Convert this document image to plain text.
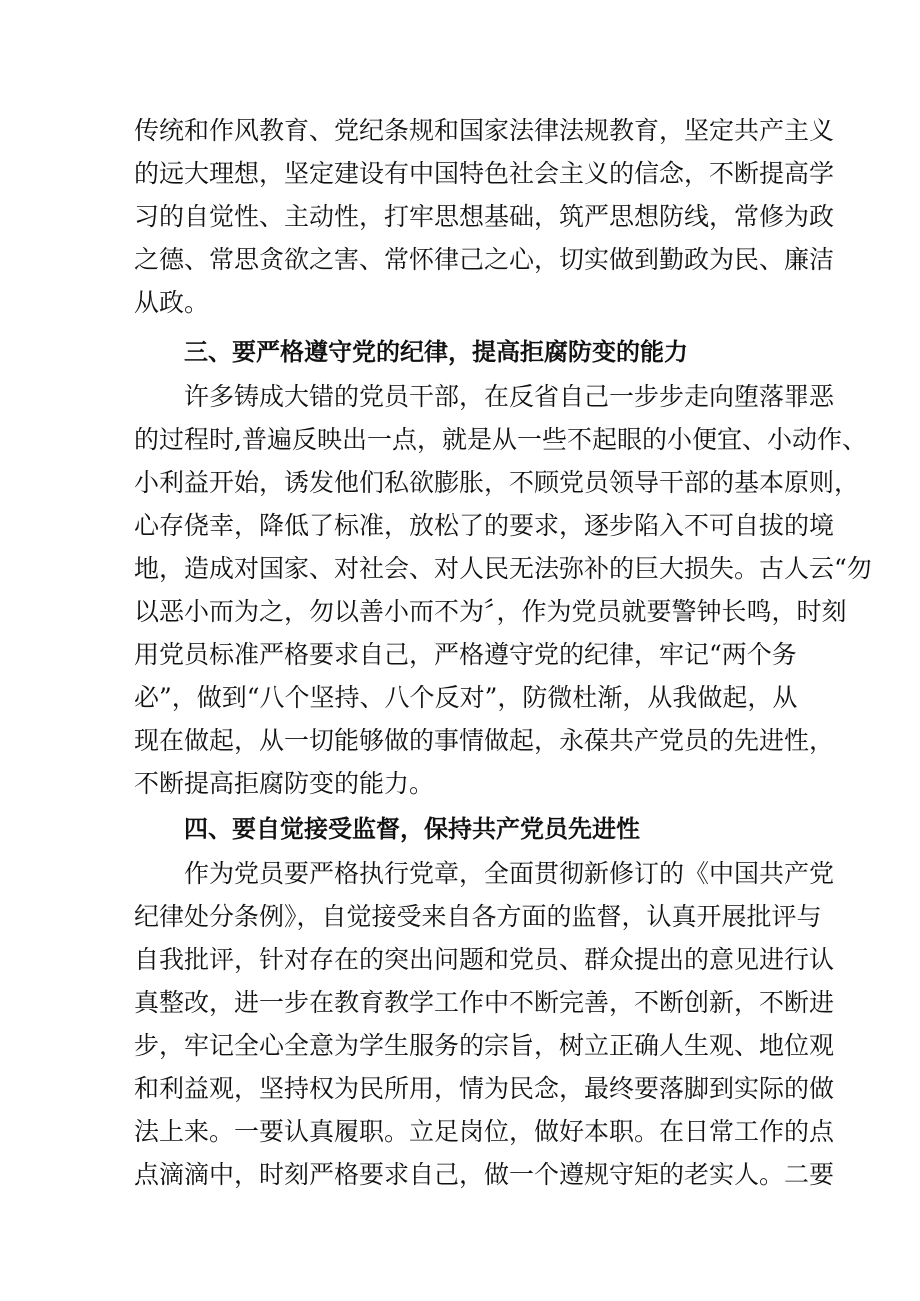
传统和作风教育、党纪条规和国家法律法规教育，坚定共产主义
的远大理想，坚定建设有中国特色社会主义的信念，不断提高学
习的自觉性、主动性，打牢思想基础，筑严思想防线，常修为政
之德、常思贪欲之害、常怀律己之心，切实做到勤政为民、廉洁
从政。
三、要严格遵守党的纪律，提高拒腐防变的能力
许多铸成大错的党员干部，在反省自己一步步走向堕落罪恶
的过程时,普遍反映出一点，就是从一些不起眼的小便宜、小动作、
小利益开始，诱发他们私欲膨胀，不顾党员领导干部的基本原则，
心存侥幸，降低了标准，放松了的要求，逐步陷入不可自拔的境
地，造成对国家、对社会、对人民无法弥补的巨大损失。古人云“勿
以恶小而为之，勿以善小而不为〞，作为党员就要警钟长鸣，时刻
用党员标准严格要求自己，严格遵守党的纪律，牢记“两个务
必”，做到“八个坚持、八个反对”，防微杜渐，从我做起，从
现在做起，从一切能够做的事情做起，永葆共产党员的先进性，
不断提高拒腐防变的能力。
四、要自觉接受监督，保持共产党员先进性
作为党员要严格执行党章，全面贯彻新修订的《中国共产党
纪律处分条例》，自觉接受来自各方面的监督，认真开展批评与
自我批评，针对存在的突出问题和党员、群众提出的意见进行认
真整改，进一步在教育教学工作中不断完善，不断创新，不断进
步，牢记全心全意为学生服务的宗旨，树立正确人生观、地位观
和利益观，坚持权为民所用，情为民念，最终要落脚到实际的做
法上来。一要认真履职。立足岗位，做好本职。在日常工作的点
点滴滴中，时刻严格要求自己，做一个遵规守矩的老实人。二要
